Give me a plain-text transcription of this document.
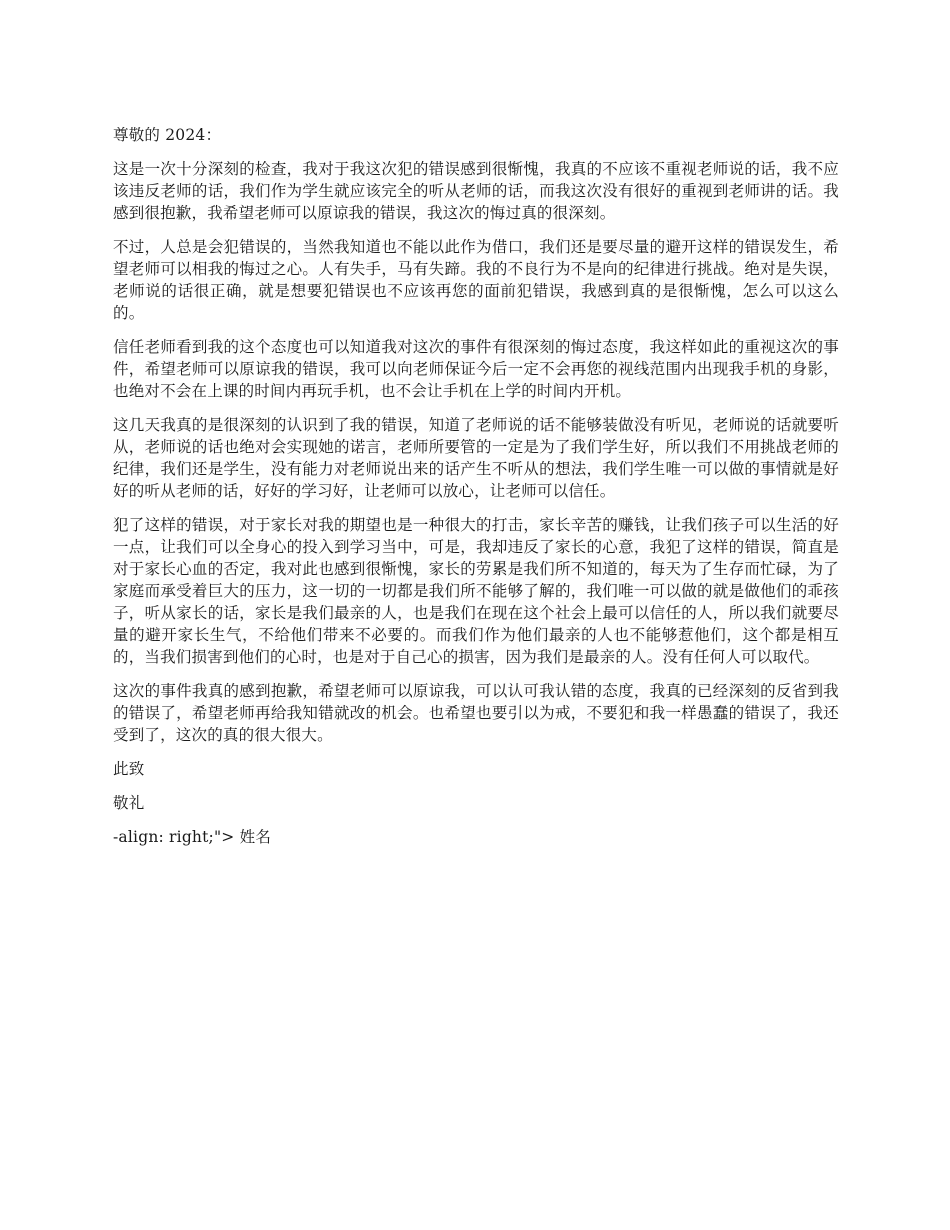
尊敬的 2024：

这是一次十分深刻的检查，我对于我这次犯的错误感到很惭愧，我真的不应该不重视老师说的话，我不应该违反老师的话，我们作为学生就应该完全的听从老师的话，而我这次没有很好的重视到老师讲的话。我感到很抱歉，我希望老师可以原谅我的错误，我这次的悔过真的很深刻。

不过，人总是会犯错误的，当然我知道也不能以此作为借口，我们还是要尽量的避开这样的错误发生，希望老师可以相我的悔过之心。人有失手，马有失蹄。我的不良行为不是向的纪律进行挑战。绝对是失误，老师说的话很正确，就是想要犯错误也不应该再您的面前犯错误，我感到真的是很惭愧，怎么可以这么的。

信任老师看到我的这个态度也可以知道我对这次的事件有很深刻的悔过态度，我这样如此的重视这次的事件，希望老师可以原谅我的错误，我可以向老师保证今后一定不会再您的视线范围内出现我手机的身影，也绝对不会在上课的时间内再玩手机，也不会让手机在上学的时间内开机。

这几天我真的是很深刻的认识到了我的错误，知道了老师说的话不能够装做没有听见，老师说的话就要听从，老师说的话也绝对会实现她的诺言，老师所要管的一定是为了我们学生好，所以我们不用挑战老师的纪律，我们还是学生，没有能力对老师说出来的话产生不听从的想法，我们学生唯一可以做的事情就是好好的听从老师的话，好好的学习好，让老师可以放心，让老师可以信任。

犯了这样的错误，对于家长对我的期望也是一种很大的打击，家长辛苦的赚钱，让我们孩子可以生活的好一点，让我们可以全身心的投入到学习当中，可是，我却违反了家长的心意，我犯了这样的错误，简直是对于家长心血的否定，我对此也感到很惭愧，家长的劳累是我们所不知道的，每天为了生存而忙碌，为了家庭而承受着巨大的压力，这一切的一切都是我们所不能够了解的，我们唯一可以做的就是做他们的乖孩子，听从家长的话，家长是我们最亲的人，也是我们在现在这个社会上最可以信任的人，所以我们就要尽量的避开家长生气，不给他们带来不必要的。而我们作为他们最亲的人也不能够惹他们，这个都是相互的，当我们损害到他们的心时，也是对于自己心的损害，因为我们是最亲的人。没有任何人可以取代。

这次的事件我真的感到抱歉，希望老师可以原谅我，可以认可我认错的态度，我真的已经深刻的反省到我的错误了，希望老师再给我知错就改的机会。也希望也要引以为戒，不要犯和我一样愚蠢的错误了，我还受到了，这次的真的很大很大。

此致

敬礼

-align: right;"> 姓名
